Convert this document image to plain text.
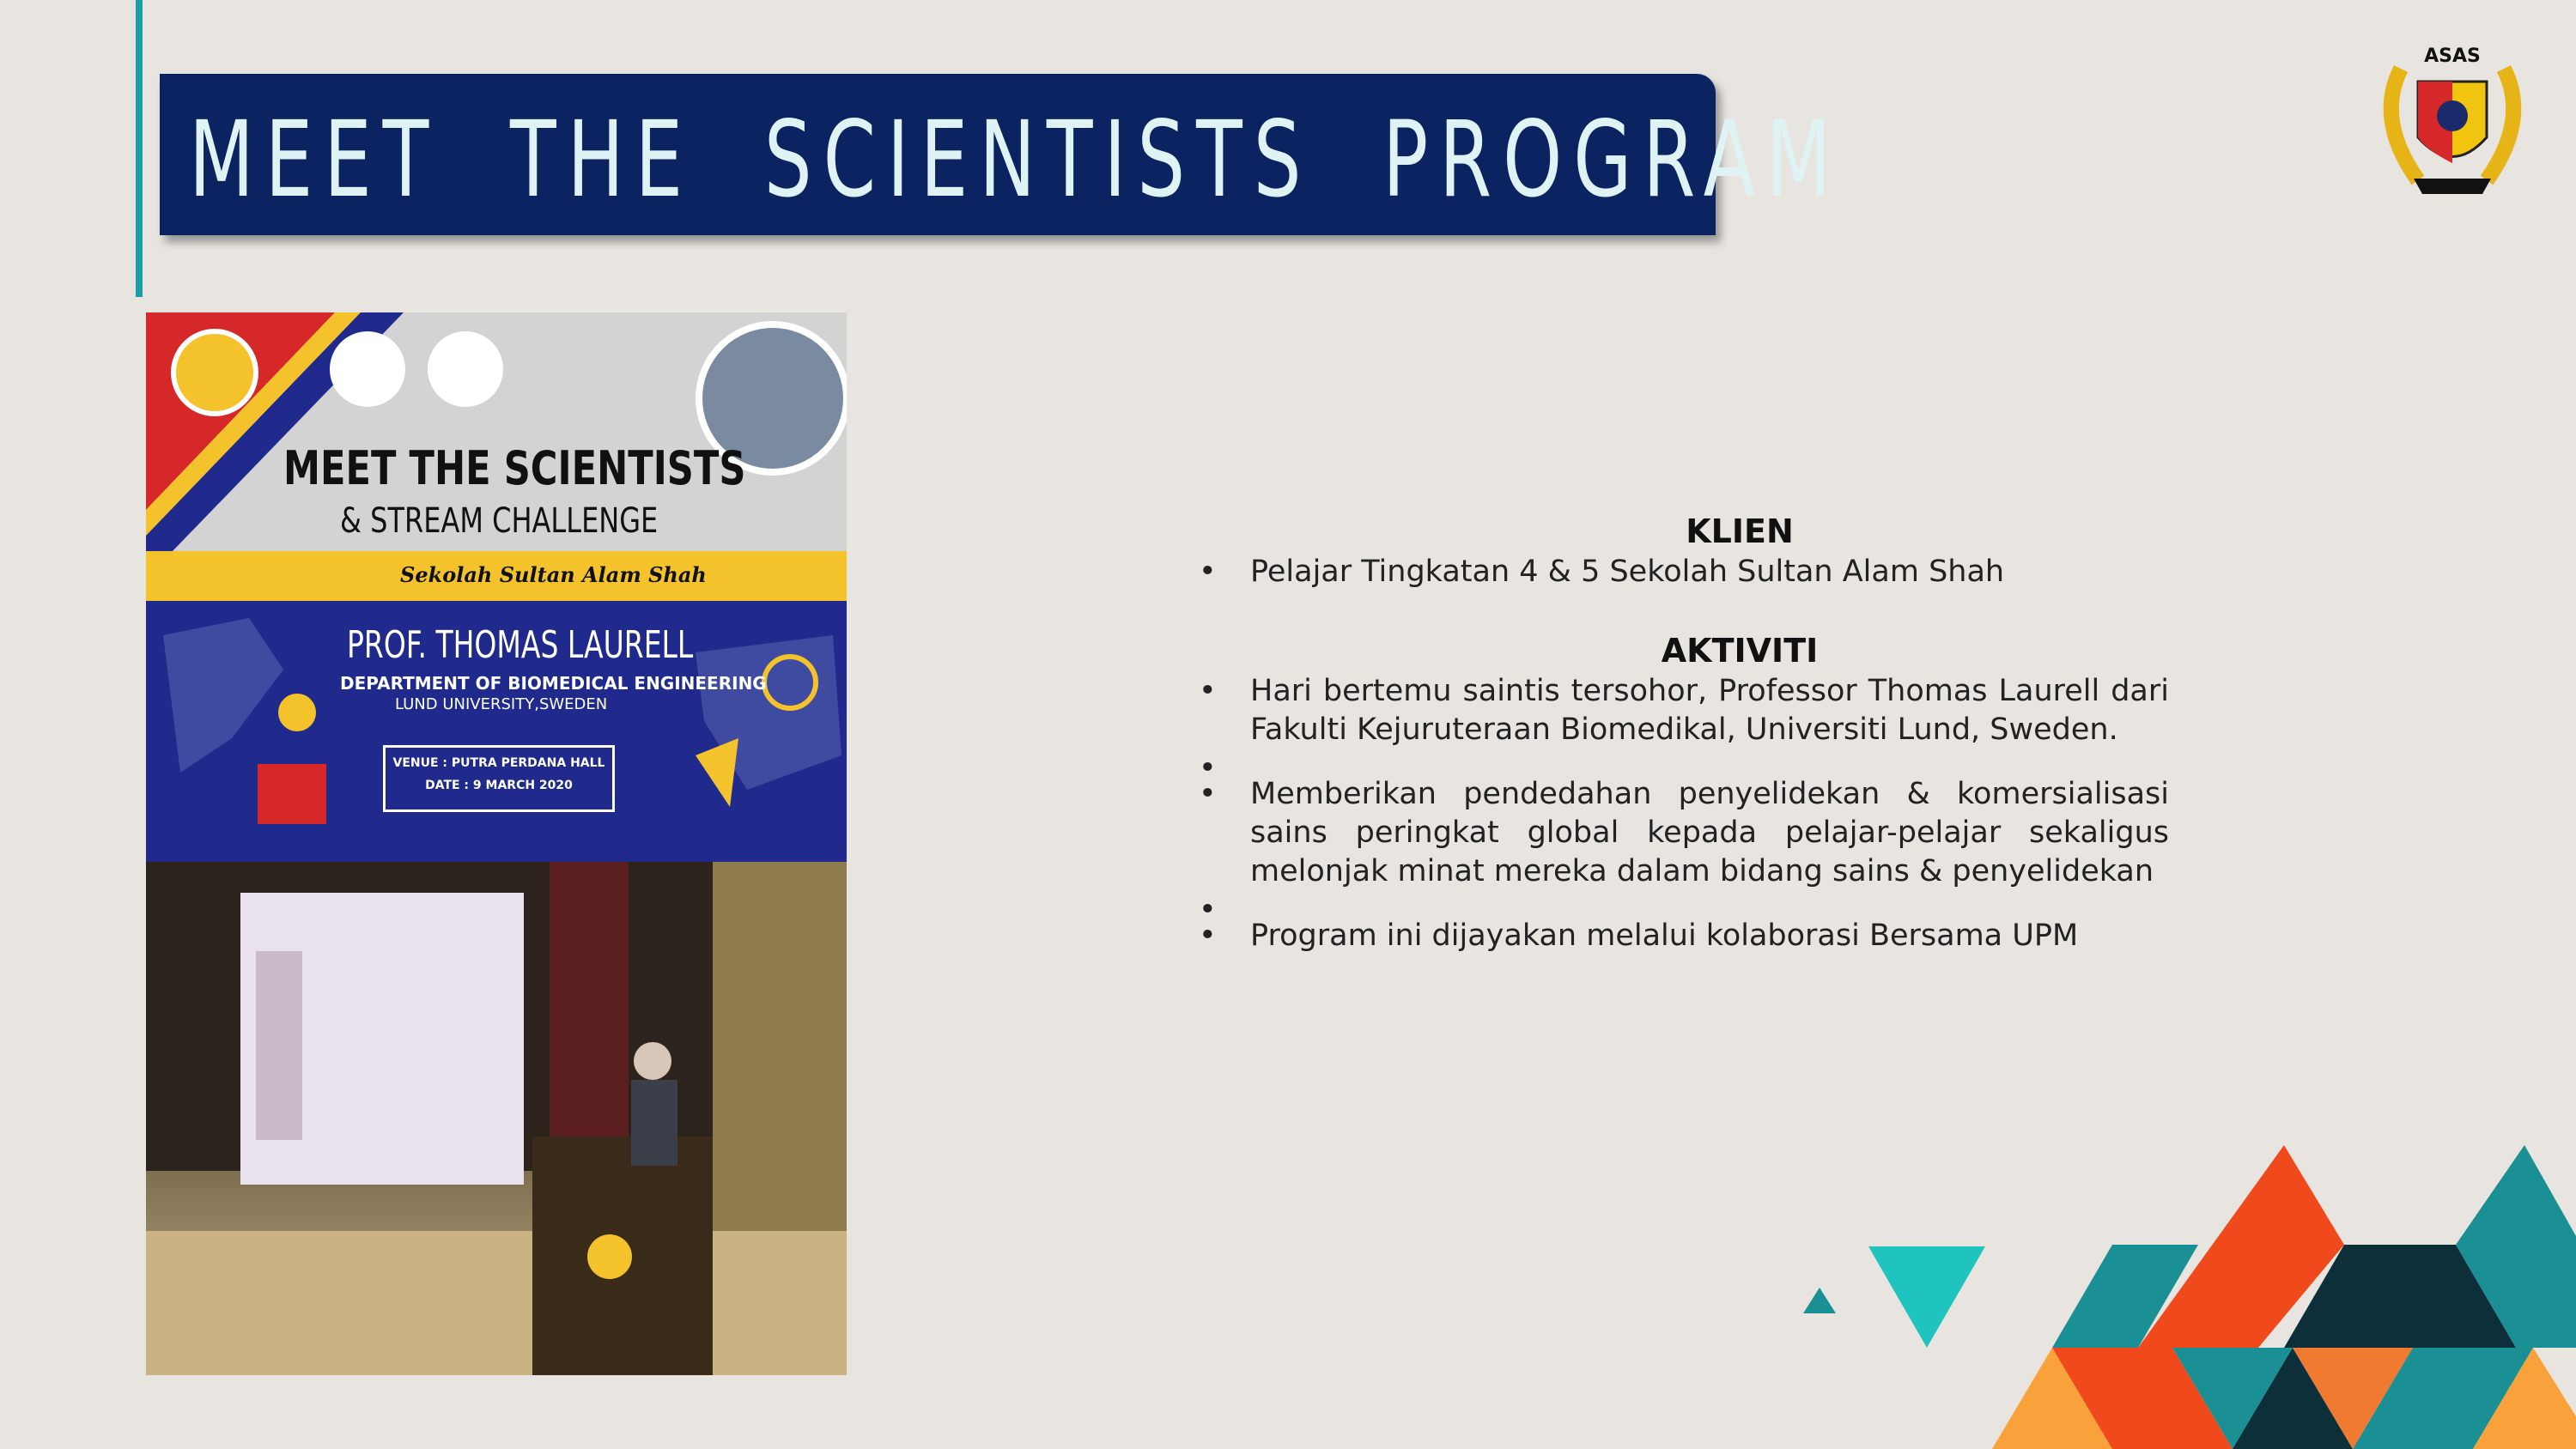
MEET  THE  SCIENTISTS  PROGRAM
ASAS
MEET THE SCIENTISTS
& STREAM CHALLENGE
Sekolah Sultan Alam Shah
PROF. THOMAS LAURELL
DEPARTMENT OF BIOMEDICAL ENGINEERING
LUND UNIVERSITY,SWEDEN
VENUE : PUTRA PERDANA HALL
DATE : 9 MARCH 2020
KLIEN
• Pelajar Tingkatan 4 & 5 Sekolah Sultan Alam Shah
AKTIVITI
• Hari bertemu saintis tersohor, Professor Thomas Laurell dari Fakulti Kejuruteraan Biomedikal, Universiti Lund, Sweden.
•
• Memberikan pendedahan penyelidekan & komersialisasi sains peringkat global kepada pelajar-pelajar sekaligus melonjak minat mereka dalam bidang sains & penyelidekan
•
• Program ini dijayakan melalui kolaborasi Bersama UPM
